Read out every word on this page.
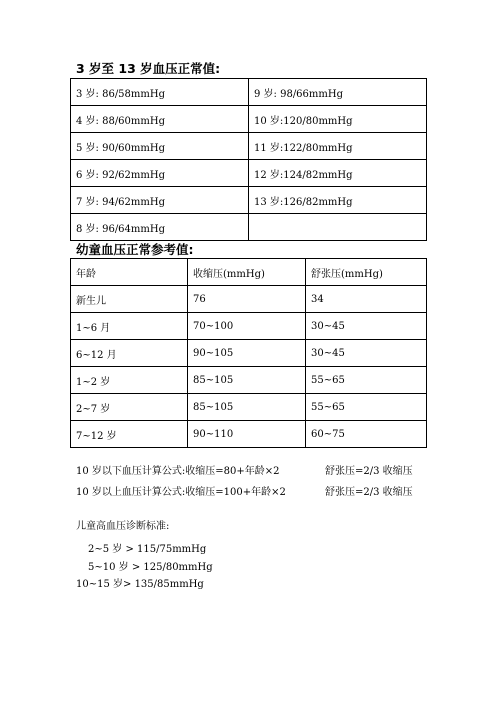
3 岁至 13 岁血压正常值:
3 岁: 86/58mmHg	9 岁: 98/66mmHg
4 岁: 88/60mmHg	10 岁:120/80mmHg
5 岁: 90/60mmHg	11 岁:122/80mmHg
6 岁: 92/62mmHg	12 岁:124/82mmHg
7 岁: 94/62mmHg	13 岁:126/82mmHg
8 岁: 96/64mmHg	
幼童血压正常参考值:
年龄	收缩压(mmHg)	舒张压(mmHg)
新生儿	76	34
1~6 月	70~100	30~45
6~12 月	90~105	30~45
1~2 岁	85~105	55~65
2~7 岁	85~105	55~65
7~12 岁	90~110	60~75
10 岁以下血压计算公式:收缩压=80+年龄×2	舒张压=2/3 收缩压
10 岁以上血压计算公式:收缩压=100+年龄×2	舒张压=2/3 收缩压
儿童高血压诊断标准:
2~5 岁 > 115/75mmHg
5~10 岁 > 125/80mmHg
10~15 岁> 135/85mmHg
